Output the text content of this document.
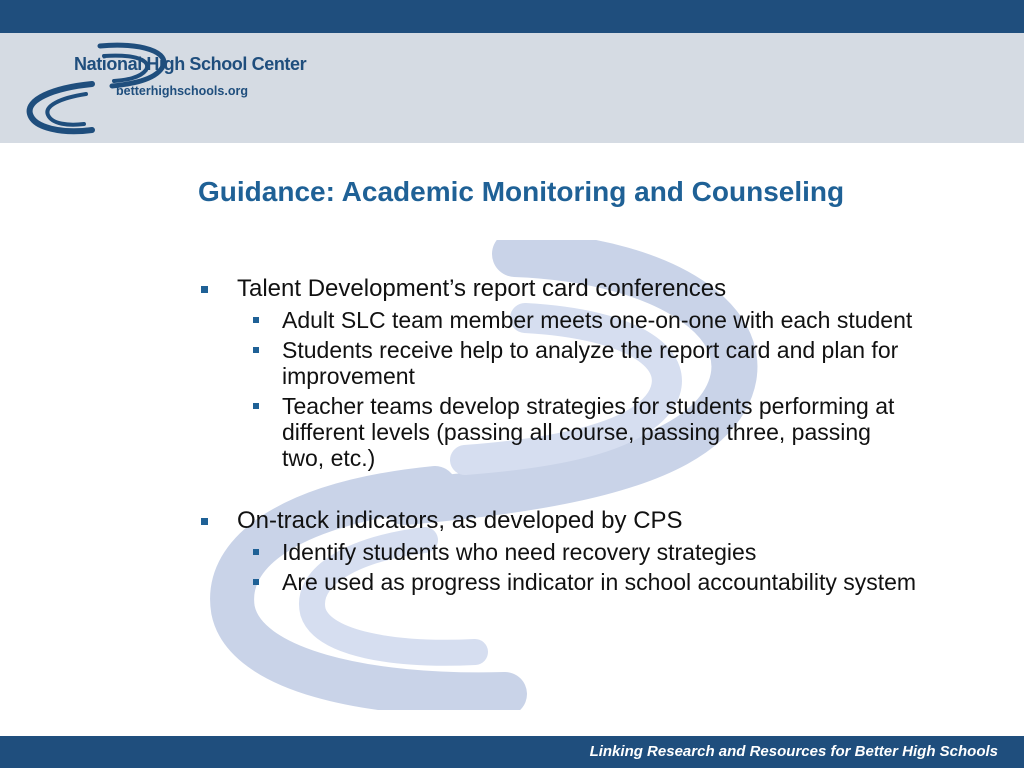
National High School Center
betterhighschools.org
Guidance: Academic Monitoring and Counseling
Talent Development’s report card conferences
Adult SLC team member meets one-on-one with each student
Students receive help to analyze the report card and plan for improvement
Teacher teams develop strategies for students performing at different levels (passing all course, passing three, passing two, etc.)
On-track indicators, as developed by CPS
Identify students who need recovery strategies
Are used as progress indicator in school accountability system
Linking Research and Resources for Better High Schools
